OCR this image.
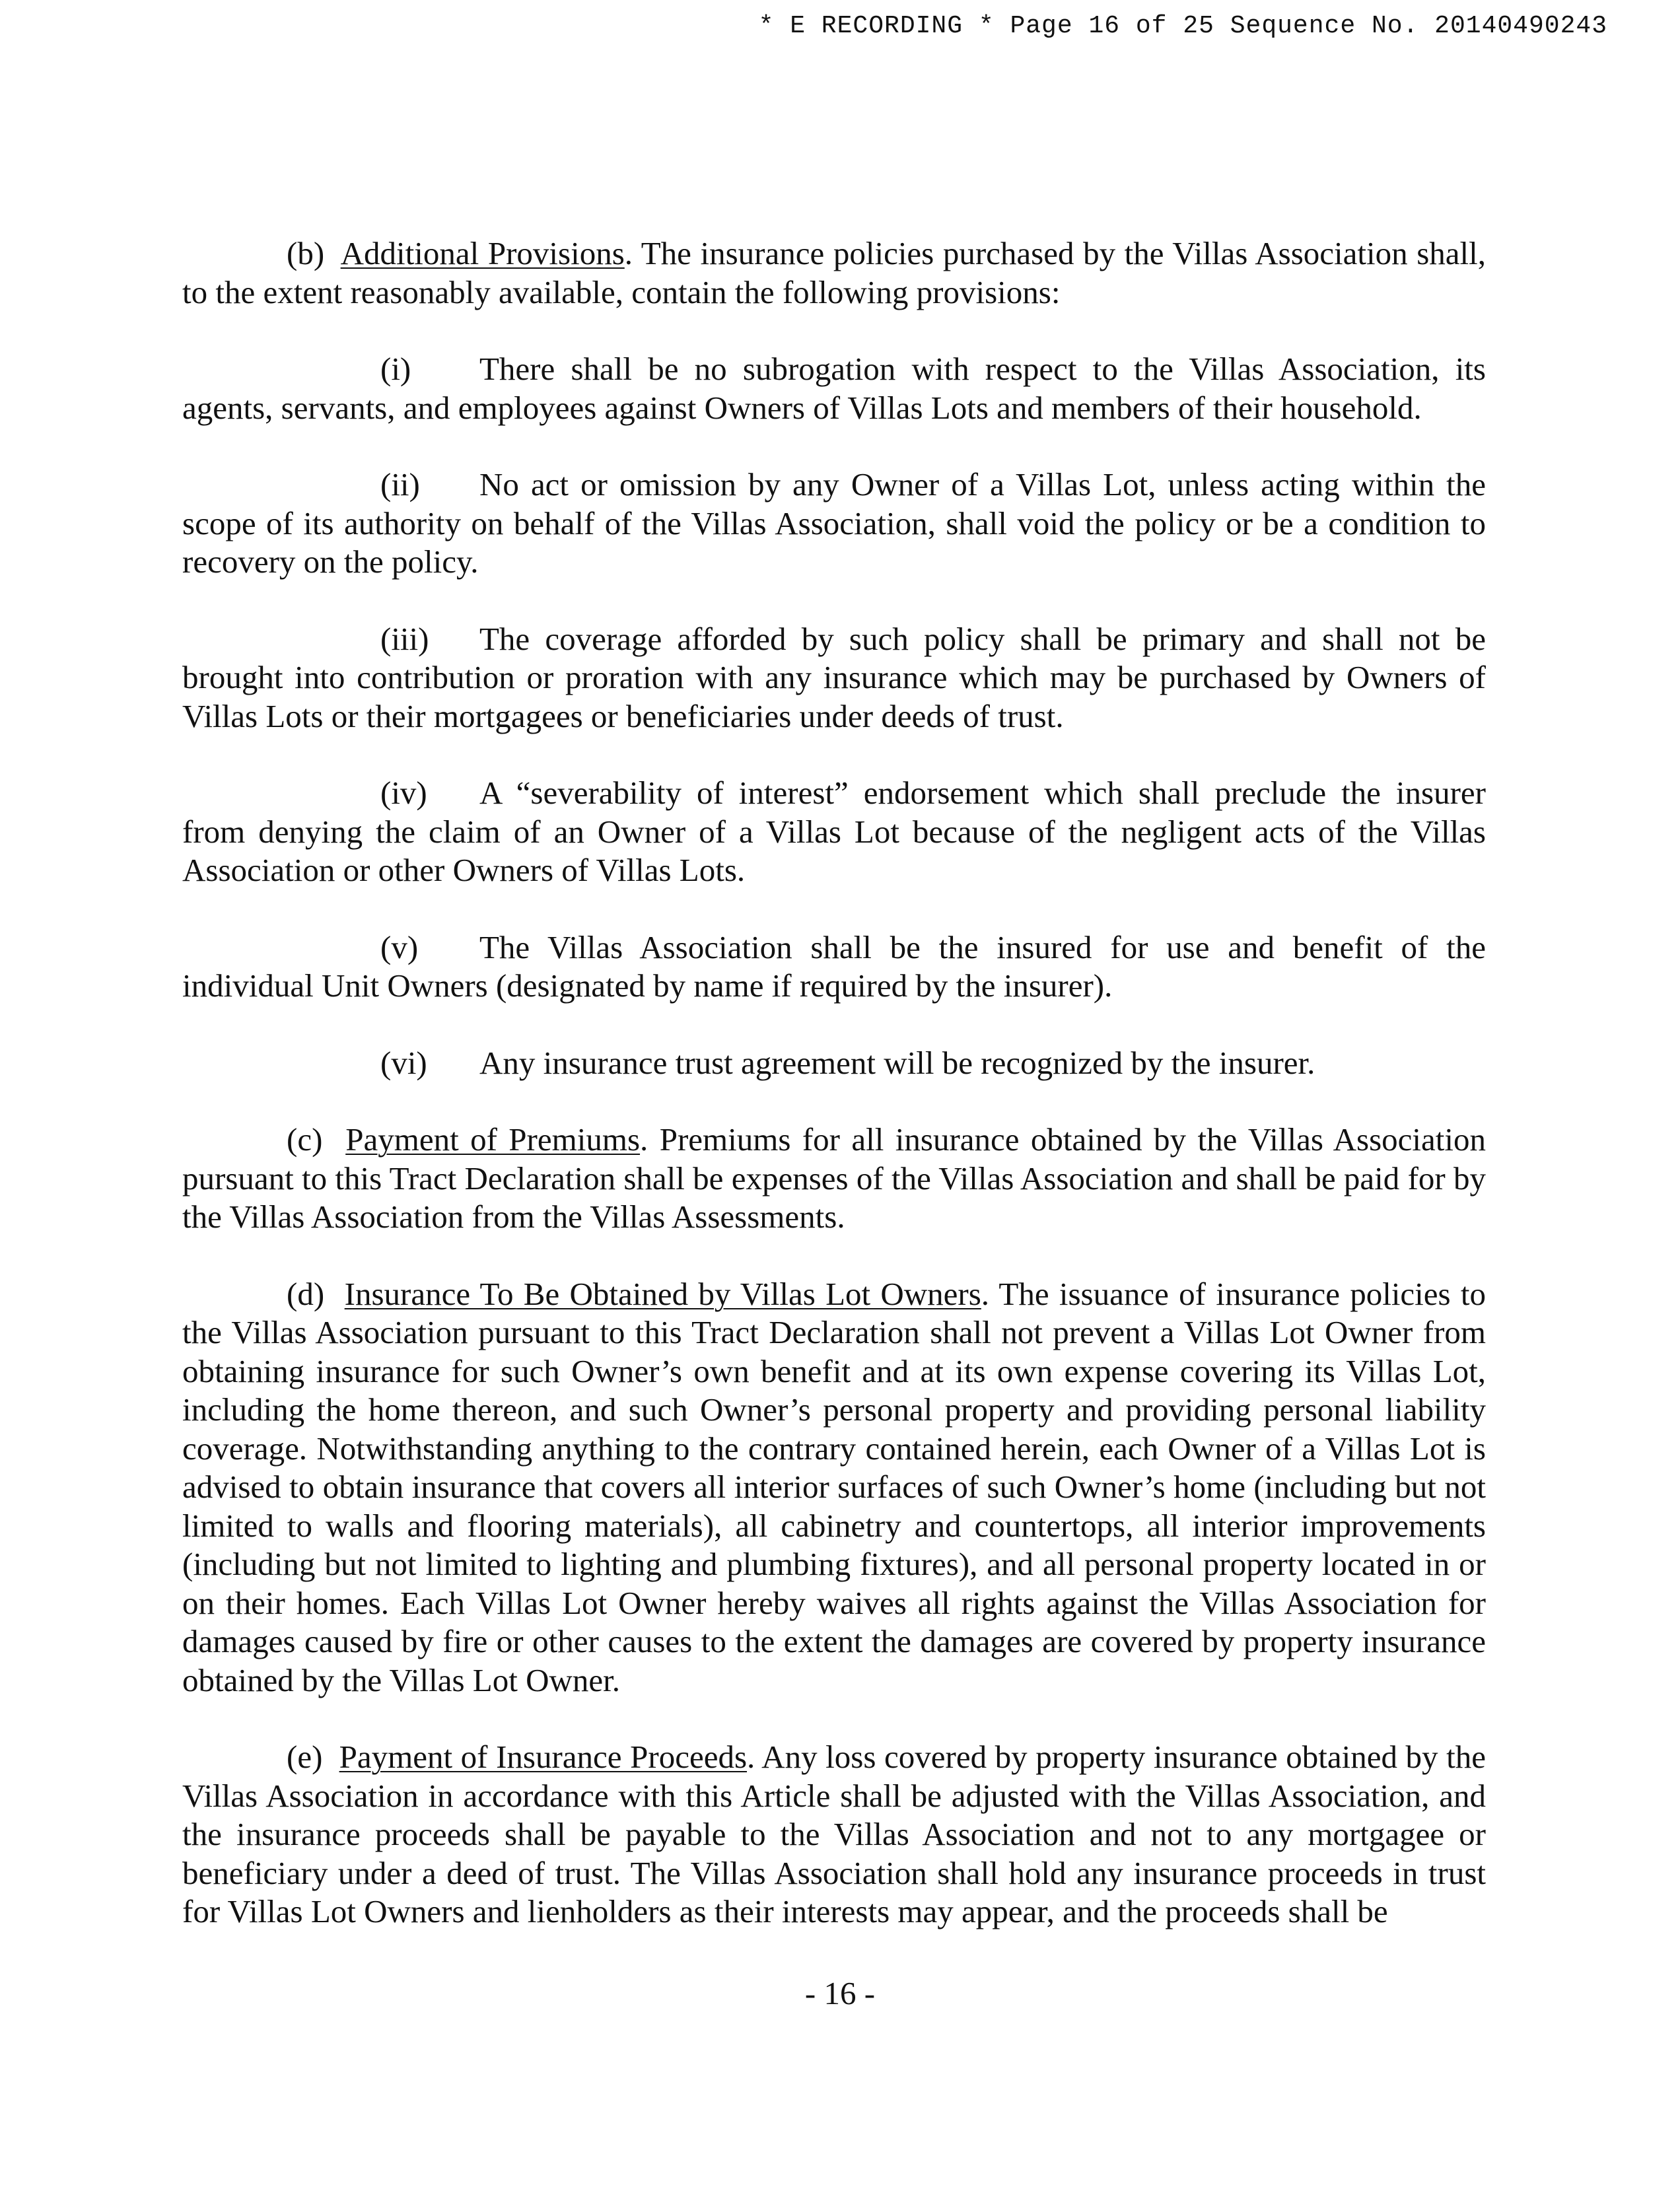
* E RECORDING * Page 16 of 25 Sequence No. 20140490243

(b) Additional Provisions. The insurance policies purchased by the Villas Association shall, to the extent reasonably available, contain the following provisions:

(i) There shall be no subrogation with respect to the Villas Association, its agents, servants, and employees against Owners of Villas Lots and members of their household.

(ii) No act or omission by any Owner of a Villas Lot, unless acting within the scope of its authority on behalf of the Villas Association, shall void the policy or be a condition to recovery on the policy.

(iii) The coverage afforded by such policy shall be primary and shall not be brought into contribution or proration with any insurance which may be purchased by Owners of Villas Lots or their mortgagees or beneficiaries under deeds of trust.

(iv) A “severability of interest” endorsement which shall preclude the insurer from denying the claim of an Owner of a Villas Lot because of the negligent acts of the Villas Association or other Owners of Villas Lots.

(v) The Villas Association shall be the insured for use and benefit of the individual Unit Owners (designated by name if required by the insurer).

(vi) Any insurance trust agreement will be recognized by the insurer.

(c) Payment of Premiums. Premiums for all insurance obtained by the Villas Association pursuant to this Tract Declaration shall be expenses of the Villas Association and shall be paid for by the Villas Association from the Villas Assessments.

(d) Insurance To Be Obtained by Villas Lot Owners. The issuance of insurance policies to the Villas Association pursuant to this Tract Declaration shall not prevent a Villas Lot Owner from obtaining insurance for such Owner’s own benefit and at its own expense covering its Villas Lot, including the home thereon, and such Owner’s personal property and providing personal liability coverage. Notwithstanding anything to the contrary contained herein, each Owner of a Villas Lot is advised to obtain insurance that covers all interior surfaces of such Owner’s home (including but not limited to walls and flooring materials), all cabinetry and countertops, all interior improvements (including but not limited to lighting and plumbing fixtures), and all personal property located in or on their homes. Each Villas Lot Owner hereby waives all rights against the Villas Association for damages caused by fire or other causes to the extent the damages are covered by property insurance obtained by the Villas Lot Owner.

(e) Payment of Insurance Proceeds. Any loss covered by property insurance obtained by the Villas Association in accordance with this Article shall be adjusted with the Villas Association, and the insurance proceeds shall be payable to the Villas Association and not to any mortgagee or beneficiary under a deed of trust. The Villas Association shall hold any insurance proceeds in trust for Villas Lot Owners and lienholders as their interests may appear, and the proceeds shall be

- 16 -
